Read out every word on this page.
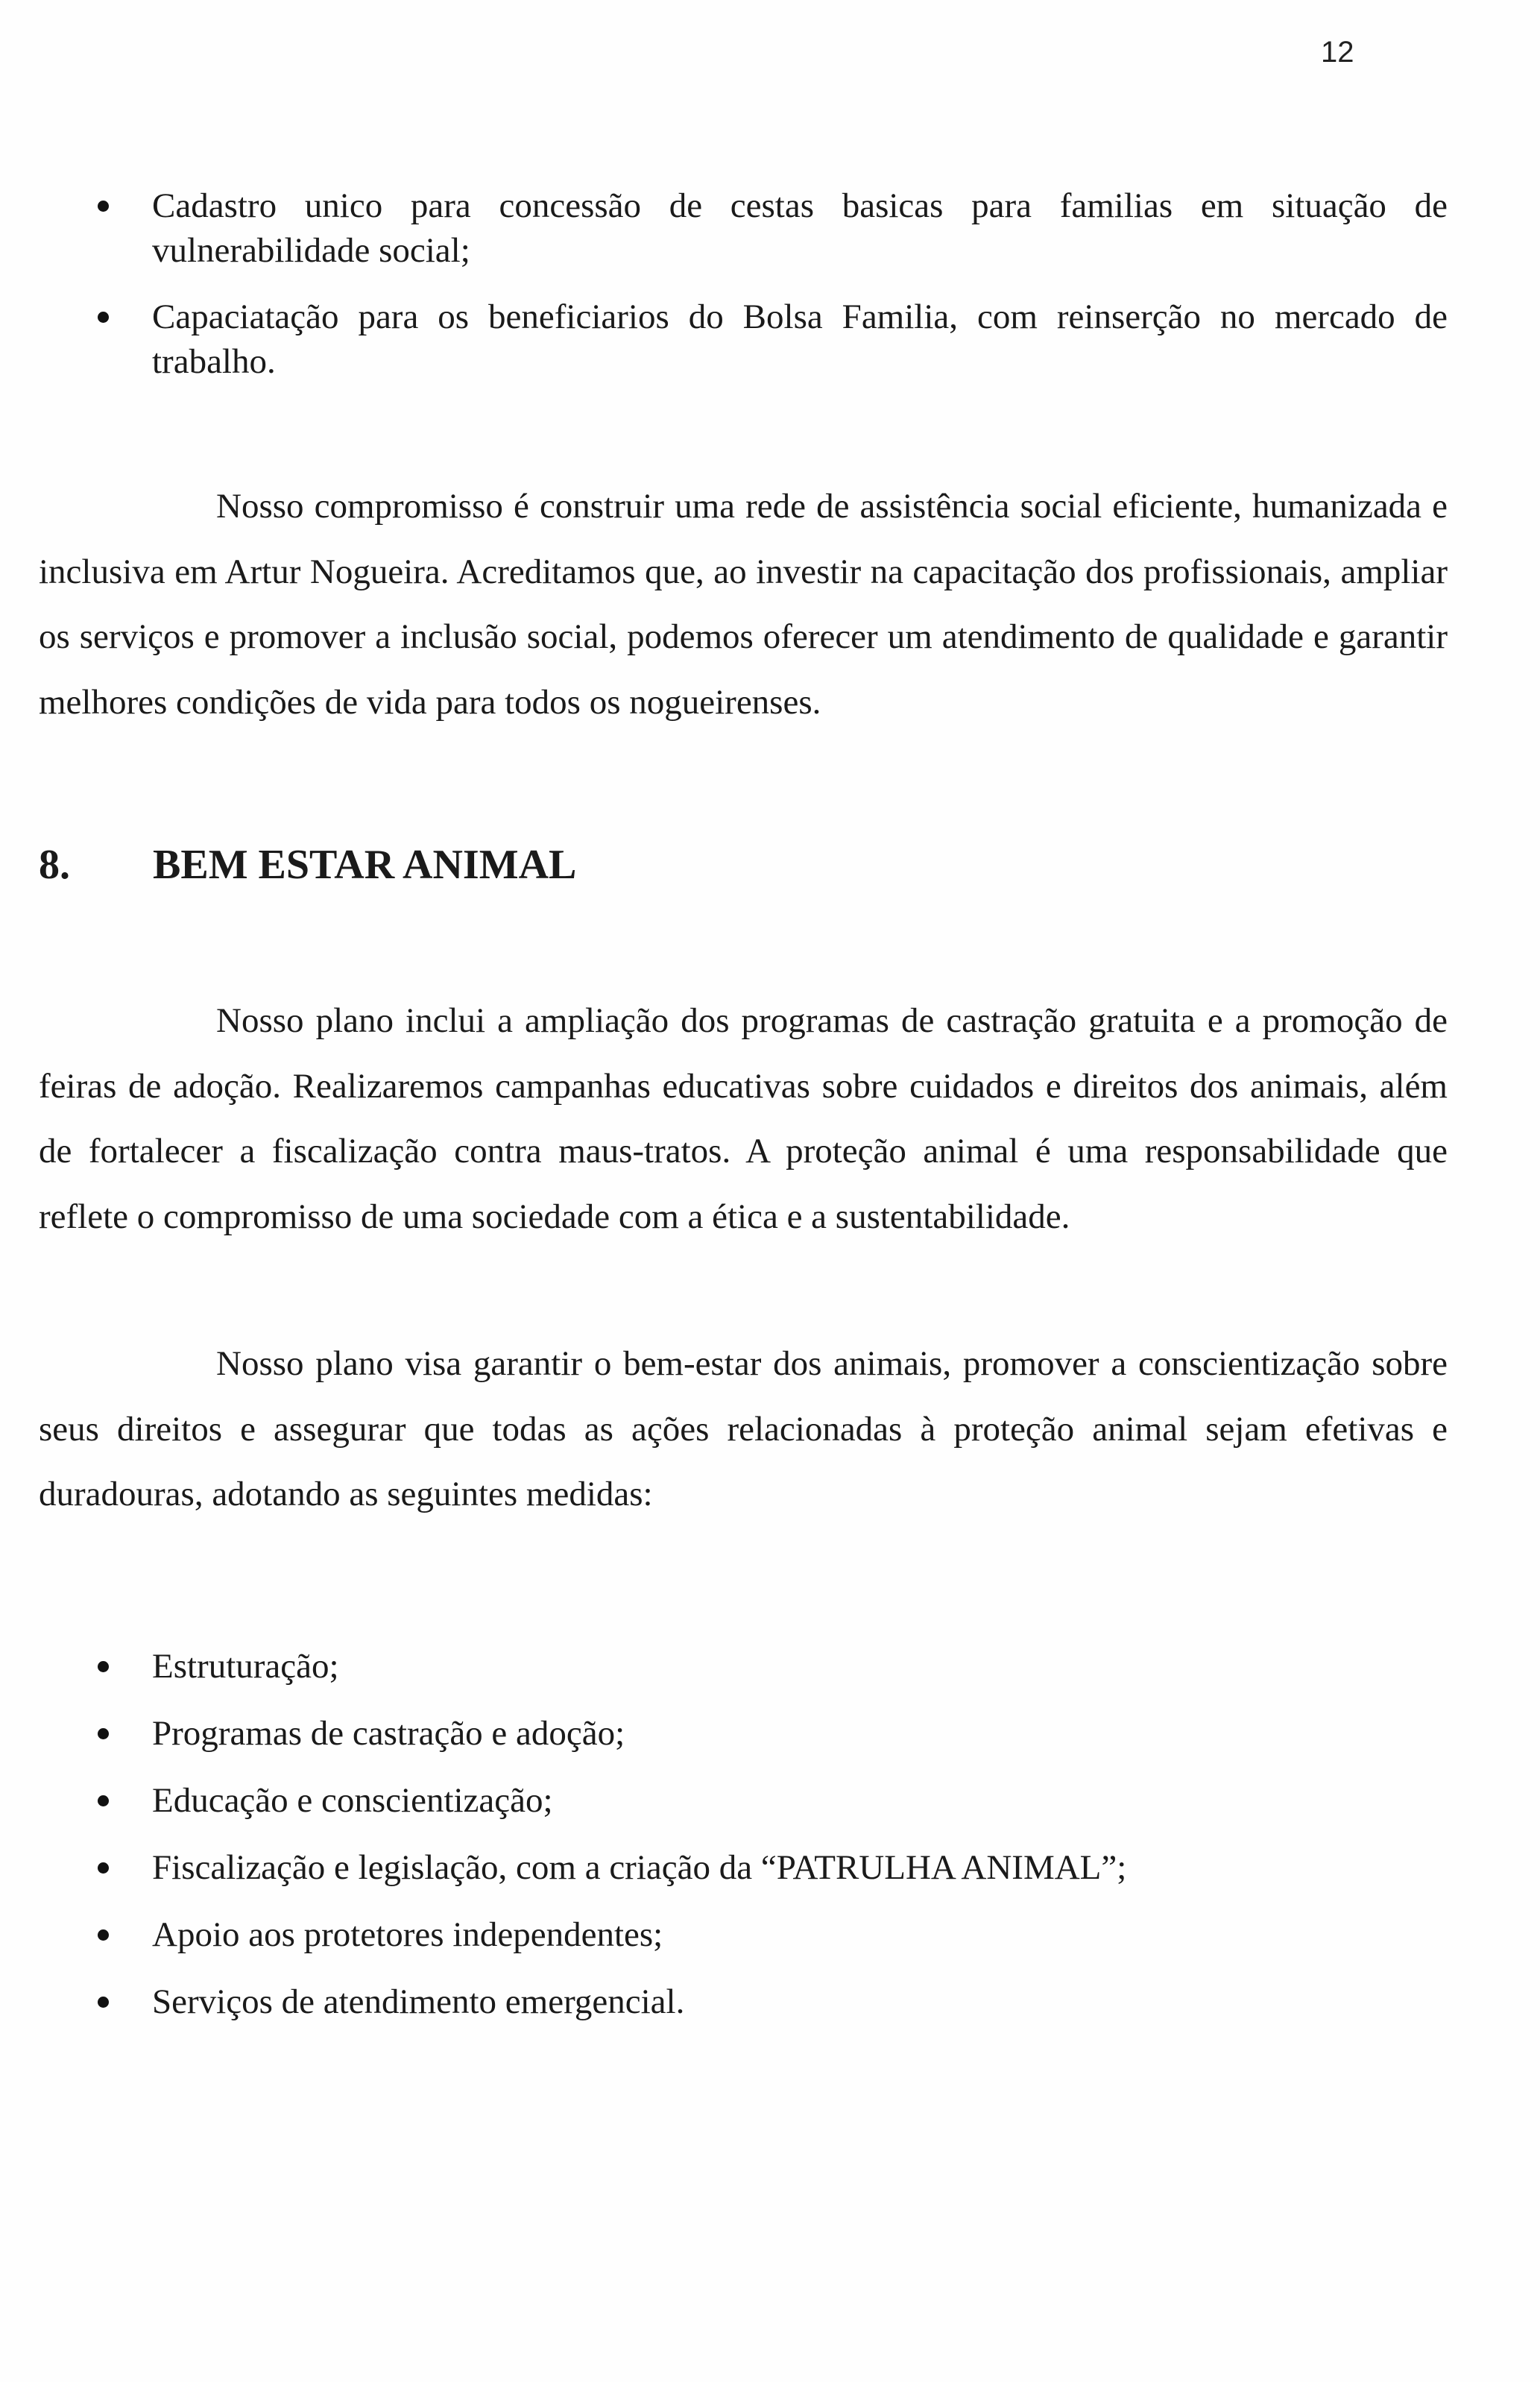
12
Cadastro unico para concessão de cestas basicas para familias em situação de vulnerabilidade social;
Capaciatação para os beneficiarios do Bolsa Familia, com reinserção no mercado de trabalho.

Nosso compromisso é construir uma rede de assistência social eficiente, humanizada e inclusiva em Artur Nogueira. Acreditamos que, ao investir na capacitação dos profissionais, ampliar os serviços e promover a inclusão social, podemos oferecer um atendimento de qualidade e garantir melhores condições de vida para todos os nogueirenses.

8.	BEM ESTAR ANIMAL

Nosso plano inclui a ampliação dos programas de castração gratuita e a promoção de feiras de adoção. Realizaremos campanhas educativas sobre cuidados e direitos dos animais, além de fortalecer a fiscalização contra maus-tratos. A proteção animal é uma responsabilidade que reflete o compromisso de uma sociedade com a ética e a sustentabilidade.

Nosso plano visa garantir o bem-estar dos animais, promover a conscientização sobre seus direitos e assegurar que todas as ações relacionadas à proteção animal sejam efetivas e duradouras, adotando as seguintes medidas:

Estruturação;
Programas de castração e adoção;
Educação e conscientização;
Fiscalização e legislação, com a criação da “PATRULHA ANIMAL”;
Apoio aos protetores independentes;
Serviços de atendimento emergencial.
